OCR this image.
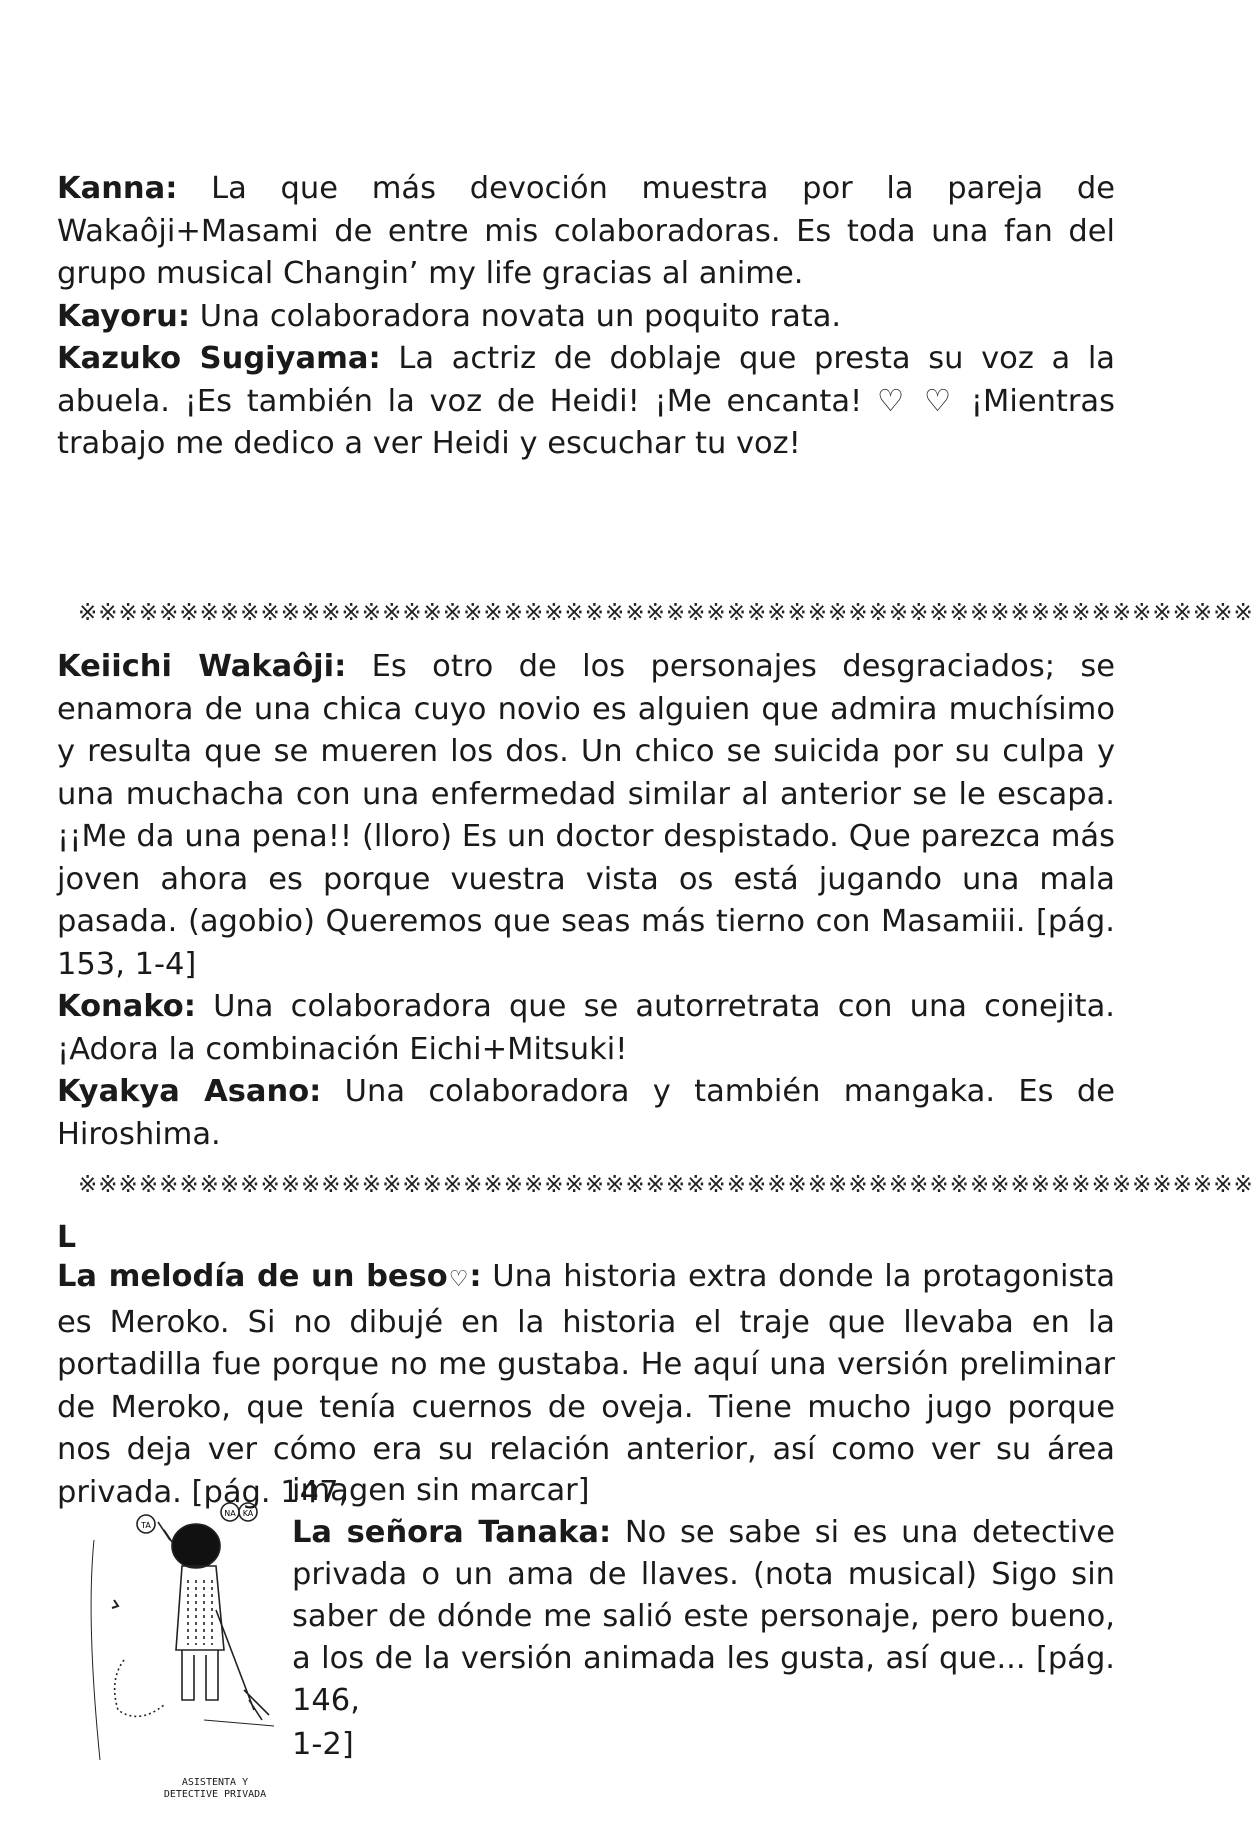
Kanna: La que más devoción muestra por la pareja de Wakaôji+Masami de entre mis colaboradoras. Es toda una fan del grupo musical Changin’ my life gracias al anime.

Kayoru: Una colaboradora novata un poquito rata.

Kazuko Sugiyama: La actriz de doblaje que presta su voz a la abuela. ¡Es también la voz de Heidi! ¡Me encanta! ♡ ♡ ¡Mientras trabajo me dedico a ver Heidi y escuchar tu voz!

※※※※※※※※※※※※※※※※※※※※※※※※※※※※※※※※※※※※※※※※※※※※※※※※※※※※※※※※※※

Keiichi Wakaôji: Es otro de los personajes desgraciados; se enamora de una chica cuyo novio es alguien que admira muchísimo y resulta que se mueren los dos. Un chico se suicida por su culpa y una muchacha con una enfermedad similar al anterior se le escapa. ¡¡Me da una pena!! (lloro) Es un doctor despistado. Que parezca más joven ahora es porque vuestra vista os está jugando una mala pasada. (agobio) Queremos que seas más tierno con Masamiii. [pág. 153, 1-4]

Konako: Una colaboradora que se autorretrata con una conejita. ¡Adora la combinación Eichi+Mitsuki!

Kyakya Asano: Una colaboradora y también mangaka. Es de Hiroshima.

※※※※※※※※※※※※※※※※※※※※※※※※※※※※※※※※※※※※※※※※※※※※※※※※※※※※※※※※※※
L

La melodía de un beso♡: Una historia extra donde la protagonista es Meroko. Si no dibujé en la historia el traje que llevaba en la portadilla fue porque no me gustaba. He aquí una versión preliminar de Meroko, que tenía cuernos de oveja. Tiene mucho jugo porque nos deja ver cómo era su relación anterior, así como ver su área privada. [pág. 147,

imagen sin marcar]
TA
NA KA
ASISTENTA Y
DETECTIVE PRIVADA
La señora Tanaka: No se sabe si es una detective privada o un ama de llaves. (nota musical) Sigo sin saber de dónde me salió este personaje, pero bueno, a los de la versión animada les gusta, así que... [pág. 146,
1-2]
